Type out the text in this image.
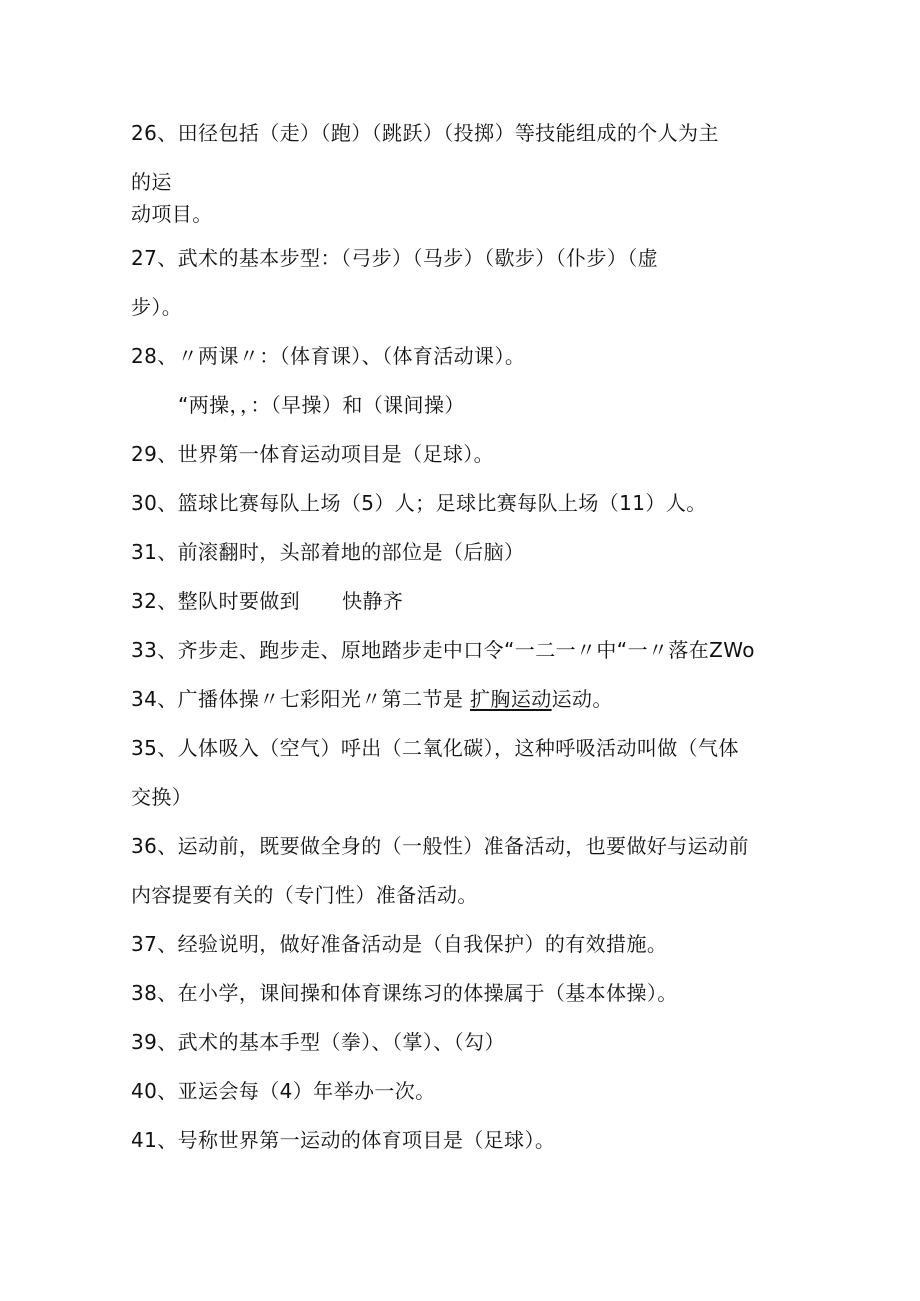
26、田径包括（走）（跑）（跳跃）（投掷）等技能组成的个人为主
的运
动项目。
27、武术的基本步型：（弓步）（马步）（歇步）（仆步）（虚
步）。
28、〃两课〃：（体育课）、（体育活动课）。
“两操，，：（早操）和（课间操）
29、世界第一体育运动项目是（足球）。
30、篮球比赛每队上场（5）人；足球比赛每队上场（11）人。
31、前滚翻时，头部着地的部位是（后脑）
32、整队时要做到 快静齐
33、齐步走、跑步走、原地踏步走中口令“一二一〃中“一〃落在ZWo
34、广播体操〃七彩阳光〃第二节是 扩胸运动运动。
35、人体吸入（空气）呼出（二氧化碳），这种呼吸活动叫做（气体
交换）
36、运动前，既要做全身的（一般性）准备活动，也要做好与运动前
内容提要有关的（专门性）准备活动。
37、经验说明，做好准备活动是（自我保护）的有效措施。
38、在小学，课间操和体育课练习的体操属于（基本体操）。
39、武术的基本手型（拳）、（掌）、（勾）
40、亚运会每（4）年举办一次。
41、号称世界第一运动的体育项目是（足球）。
